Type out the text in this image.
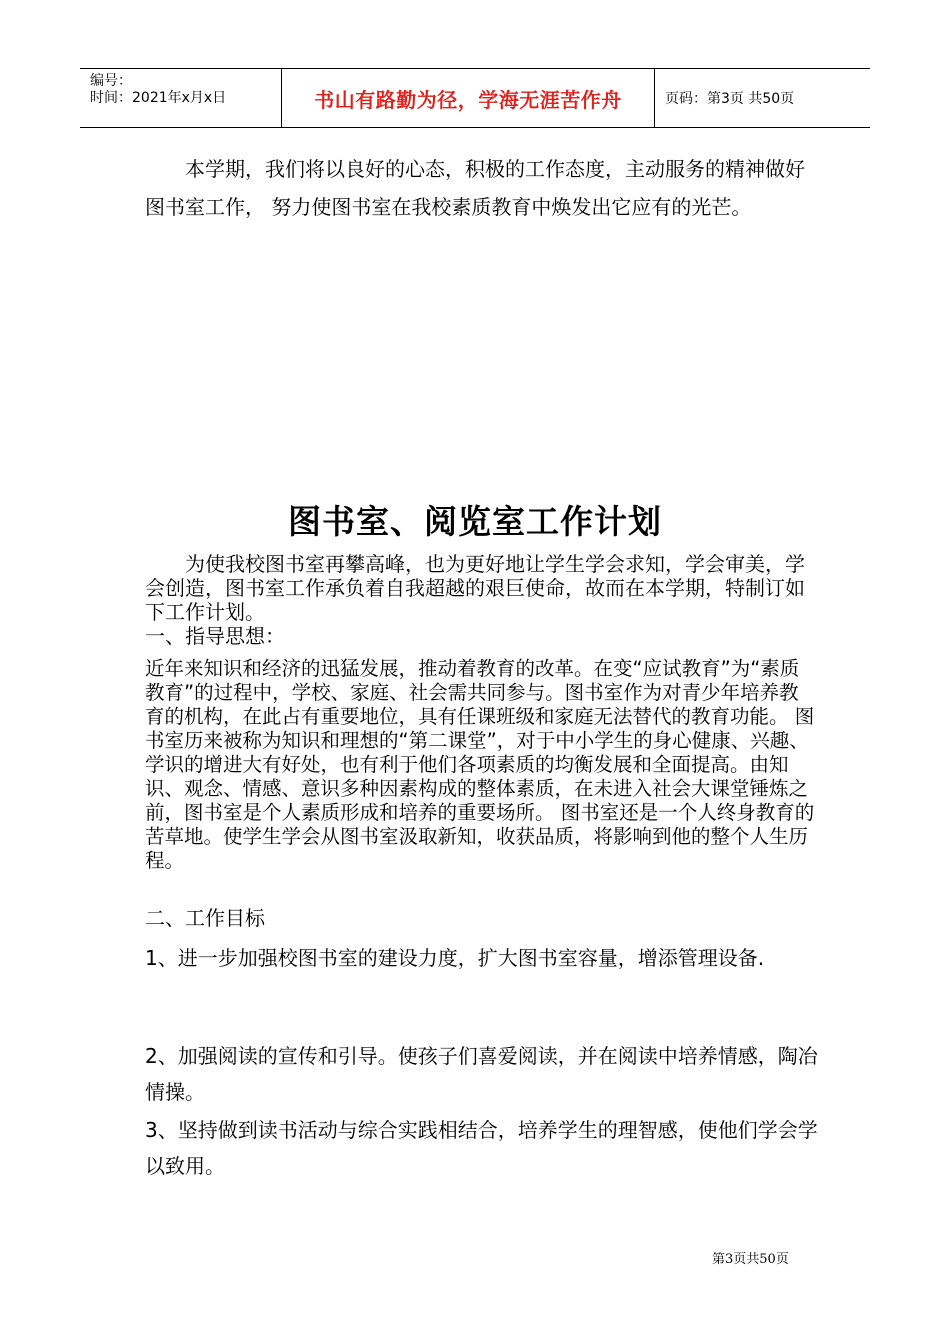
编号：
时间：2021年x月x日	书山有路勤为径，学海无涯苦作舟	页码：第3页 共50页

本学期，我们将以良好的心态，积极的工作态度，主动服务的精神做好图书室工作， 努力使图书室在我校素质教育中焕发出它应有的光芒。

图书室、阅览室工作计划

为使我校图书室再攀高峰，也为更好地让学生学会求知，学会审美，学会创造，图书室工作承负着自我超越的艰巨使命，故而在本学期，特制订如下工作计划。

一、指导思想：

近年来知识和经济的迅猛发展，推动着教育的改革。在变“应试教育”为“素质教育”的过程中，学校、家庭、社会需共同参与。图书室作为对青少年培养教育的机构，在此占有重要地位，具有任课班级和家庭无法替代的教育功能。 图书室历来被称为知识和理想的“第二课堂”，对于中小学生的身心健康、兴趣、学识的增进大有好处，也有利于他们各项素质的均衡发展和全面提高。由知识、观念、情感、意识多种因素构成的整体素质，在未进入社会大课堂锤炼之前，图书室是个人素质形成和培养的重要场所。 图书室还是一个人终身教育的苦草地。使学生学会从图书室汲取新知，收获品质，将影响到他的整个人生历程。

二、工作目标

1、进一步加强校图书室的建设力度，扩大图书室容量，增添管理设备.

2、加强阅读的宣传和引导。使孩子们喜爱阅读，并在阅读中培养情感，陶冶情操。

3、坚持做到读书活动与综合实践相结合，培养学生的理智感，使他们学会学以致用。

第3页共50页
